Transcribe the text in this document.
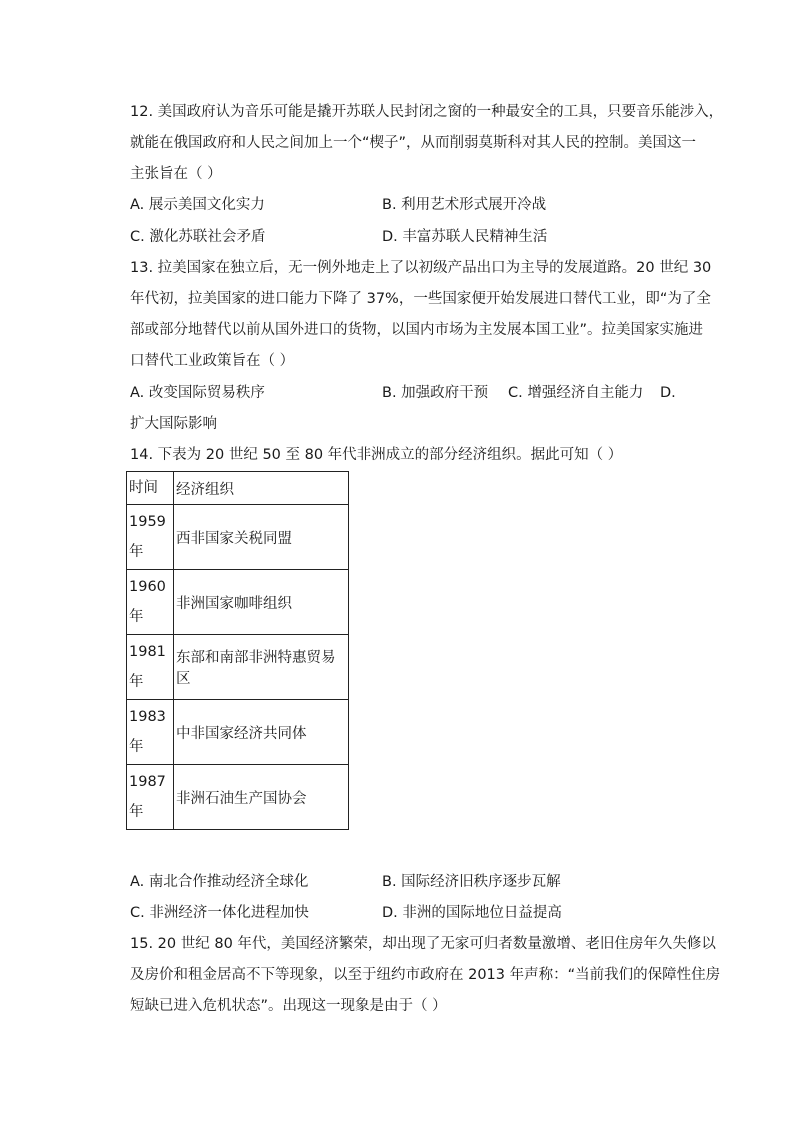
12. 美国政府认为音乐可能是撬开苏联人民封闭之窗的一种最安全的工具，只要音乐能涉入，
就能在俄国政府和人民之间加上一个“楔子”，从而削弱莫斯科对其人民的控制。美国这一
主张旨在（ ）
A. 展示美国文化实力	B. 利用艺术形式展开冷战
C. 激化苏联社会矛盾	D. 丰富苏联人民精神生活
13. 拉美国家在独立后，无一例外地走上了以初级产品出口为主导的发展道路。20 世纪 30
年代初，拉美国家的进口能力下降了 37%，一些国家便开始发展进口替代工业，即“为了全
部或部分地替代以前从国外进口的货物，以国内市场为主发展本国工业”。拉美国家实施进
口替代工业政策旨在（ ）
A. 改变国际贸易秩序	B. 加强政府干预 C. 增强经济自主能力 D.
扩大国际影响
14. 下表为 20 世纪 50 至 80 年代非洲成立的部分经济组织。据此可知（ ）
时间	经济组织

1959
年	西非国家关税同盟

1960
年	非洲国家咖啡组织

1981
年	东部和南部非洲特惠贸易区

1983
年	中非国家经济共同体

1987
年	非洲石油生产国协会
A. 南北合作推动经济全球化	B. 国际经济旧秩序逐步瓦解
C. 非洲经济一体化进程加快	D. 非洲的国际地位日益提高
15. 20 世纪 80 年代，美国经济繁荣，却出现了无家可归者数量激增、老旧住房年久失修以
及房价和租金居高不下等现象，以至于纽约市政府在 2013 年声称：“当前我们的保障性住房
短缺已进入危机状态”。出现这一现象是由于（ ）
